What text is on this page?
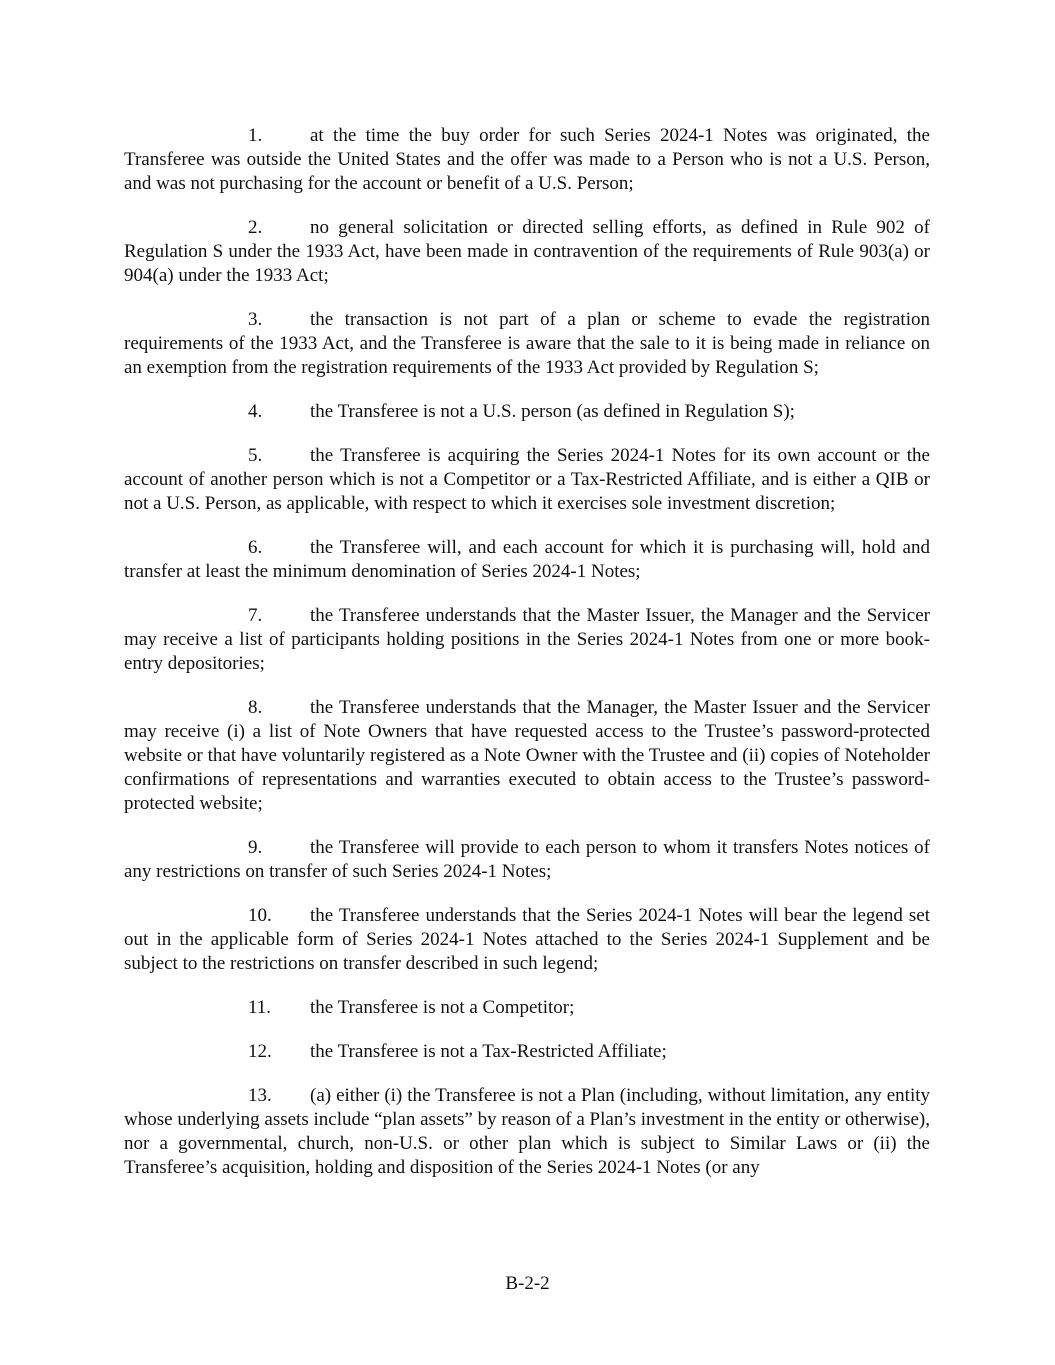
1.	at the time the buy order for such Series 2024-1 Notes was originated, the Transferee was outside the United States and the offer was made to a Person who is not a U.S. Person, and was not purchasing for the account or benefit of a U.S. Person;

2.	no general solicitation or directed selling efforts, as defined in Rule 902 of Regulation S under the 1933 Act, have been made in contravention of the requirements of Rule 903(a) or 904(a) under the 1933 Act;

3.	the transaction is not part of a plan or scheme to evade the registration requirements of the 1933 Act, and the Transferee is aware that the sale to it is being made in reliance on an exemption from the registration requirements of the 1933 Act provided by Regulation S;

4.	the Transferee is not a U.S. person (as defined in Regulation S);

5.	the Transferee is acquiring the Series 2024-1 Notes for its own account or the account of another person which is not a Competitor or a Tax-Restricted Affiliate, and is either a QIB or not a U.S. Person, as applicable, with respect to which it exercises sole investment discretion;

6.	the Transferee will, and each account for which it is purchasing will, hold and transfer at least the minimum denomination of Series 2024-1 Notes;

7.	the Transferee understands that the Master Issuer, the Manager and the Servicer may receive a list of participants holding positions in the Series 2024-1 Notes from one or more book-entry depositories;

8.	the Transferee understands that the Manager, the Master Issuer and the Servicer may receive (i) a list of Note Owners that have requested access to the Trustee’s password-protected website or that have voluntarily registered as a Note Owner with the Trustee and (ii) copies of Noteholder confirmations of representations and warranties executed to obtain access to the Trustee’s password-protected website;

9.	the Transferee will provide to each person to whom it transfers Notes notices of any restrictions on transfer of such Series 2024-1 Notes;

10. the Transferee understands that the Series 2024-1 Notes will bear the legend set out in the applicable form of Series 2024-1 Notes attached to the Series 2024-1 Supplement and be subject to the restrictions on transfer described in such legend;

11. the Transferee is not a Competitor;

12. the Transferee is not a Tax-Restricted Affiliate;

13. (a) either (i) the Transferee is not a Plan (including, without limitation, any entity whose underlying assets include “plan assets” by reason of a Plan’s investment in the entity or otherwise), nor a governmental, church, non-U.S. or other plan which is subject to Similar Laws or (ii) the Transferee’s acquisition, holding and disposition of the Series 2024-1 Notes (or any

B-2-2
